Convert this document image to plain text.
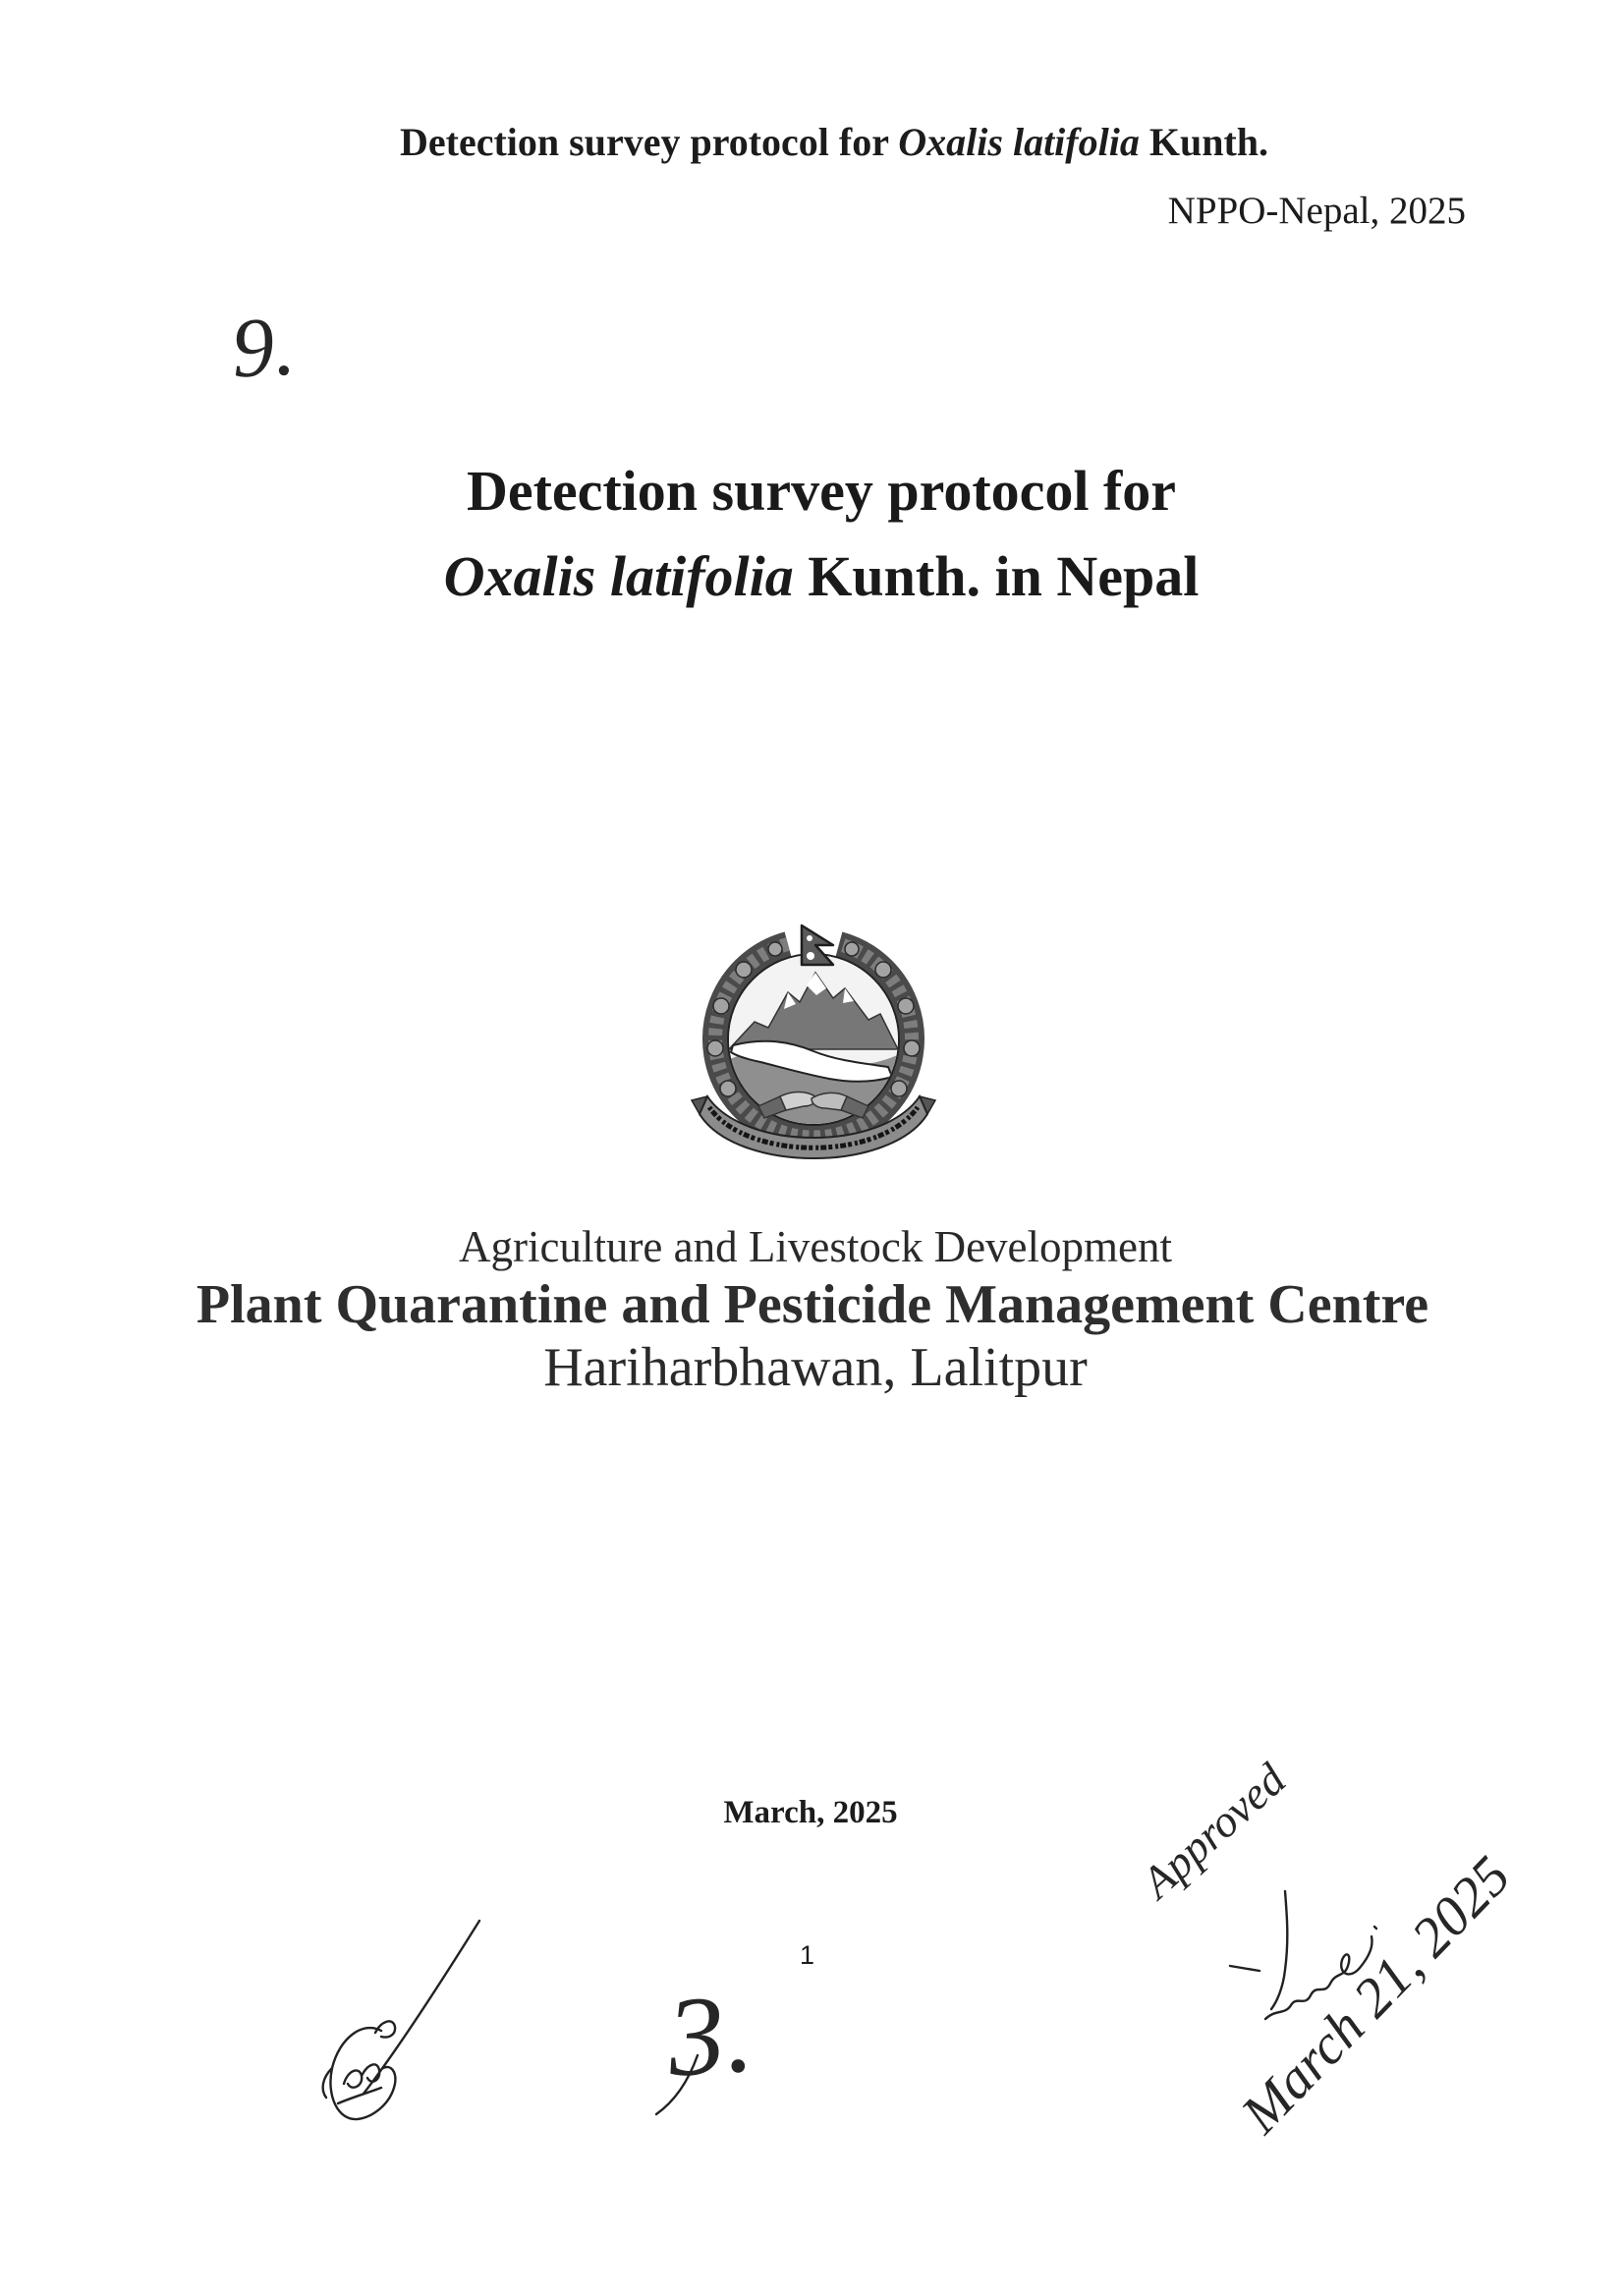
Detection survey protocol for Oxalis latifolia Kunth.
NPPO-Nepal, 2025
9.
Detection survey protocol for
Oxalis latifolia Kunth. in Nepal
Agriculture and Livestock Development
Plant Quarantine and Pesticide Management Centre
Hariharbhawan, Lalitpur
March, 2025
1
3.
Approved
March 21, 2025
